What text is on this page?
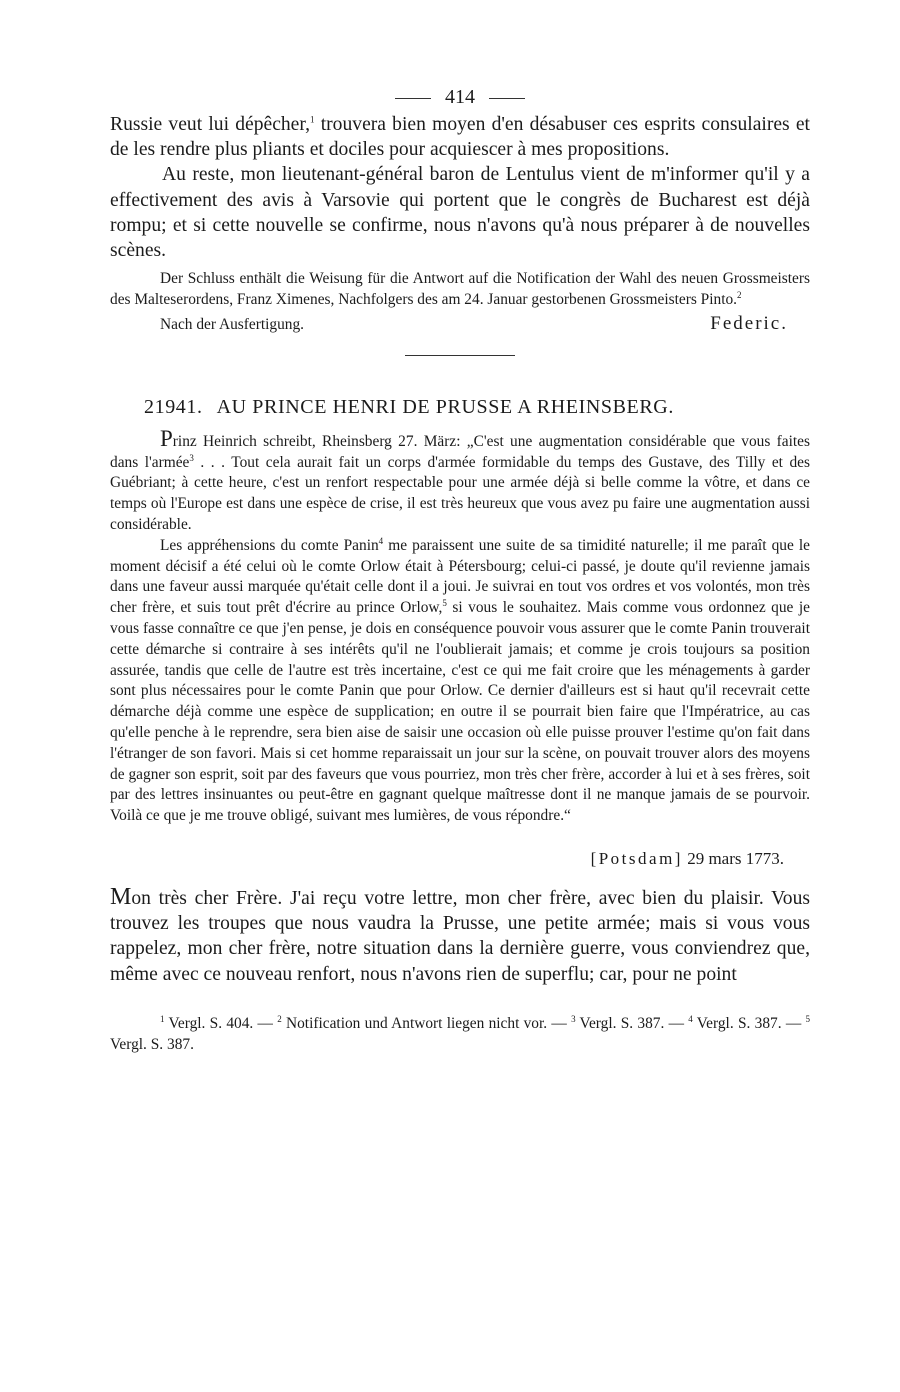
414

Russie veut lui dépêcher,$^1$ trouvera bien moyen d'en désabuser ces esprits consulaires et de les rendre plus pliants et dociles pour acquiescer à mes propositions.

Au reste, mon lieutenant-général baron de Lentulus vient de m'informer qu'il y a effectivement des avis à Varsovie qui portent que le congrès de Bucharest est déjà rompu; et si cette nouvelle se confirme, nous n'avons qu'à nous préparer à de nouvelles scènes.

Der Schluss enthält die Weisung für die Antwort auf die Notification der Wahl des neuen Grossmeisters des Malteserordens, Franz Ximenes, Nachfolgers des am 24. Januar gestorbenen Grossmeisters Pinto.$^2$

Nach der Ausfertigung.	Federic.
21941. AU PRINCE HENRI DE PRUSSE A RHEINSBERG.

Prinz Heinrich schreibt, Rheinsberg 27. März: „C'est une augmentation considérable que vous faites dans l'armée$^3$ . . . Tout cela aurait fait un corps d'armée formidable du temps des Gustave, des Tilly et des Guébriant; à cette heure, c'est un renfort respectable pour une armée déjà si belle comme la vôtre, et dans ce temps où l'Europe est dans une espèce de crise, il est très heureux que vous avez pu faire une augmentation aussi considérable.

Les appréhensions du comte Panin$^4$ me paraissent une suite de sa timidité naturelle; il me paraît que le moment décisif a été celui où le comte Orlow était à Pétersbourg; celui-ci passé, je doute qu'il revienne jamais dans une faveur aussi marquée qu'était celle dont il a joui. Je suivrai en tout vos ordres et vos volontés, mon très cher frère, et suis tout prêt d'écrire au prince Orlow,$^5$ si vous le souhaitez. Mais comme vous ordonnez que je vous fasse connaître ce que j'en pense, je dois en conséquence pouvoir vous assurer que le comte Panin trouverait cette démarche si contraire à ses intérêts qu'il ne l'oublierait jamais; et comme je crois toujours sa position assurée, tandis que celle de l'autre est très incertaine, c'est ce qui me fait croire que les ménagements à garder sont plus nécessaires pour le comte Panin que pour Orlow. Ce dernier d'ailleurs est si haut qu'il recevrait cette démarche déjà comme une espèce de supplication; en outre il se pourrait bien faire que l'Impératrice, au cas qu'elle penche à le reprendre, sera bien aise de saisir une occasion où elle puisse prouver l'estime qu'on fait dans l'étranger de son favori. Mais si cet homme reparaissait un jour sur la scène, on pouvait trouver alors des moyens de gagner son esprit, soit par des faveurs que vous pourriez, mon très cher frère, accorder à lui et à ses frères, soit par des lettres insinuantes ou peut-être en gagnant quelque maîtresse dont il ne manque jamais de se pourvoir. Voilà ce que je me trouve obligé, suivant mes lumières, de vous répondre.“

[Potsdam] 29 mars 1773.

Mon très cher Frère. J'ai reçu votre lettre, mon cher frère, avec bien du plaisir. Vous trouvez les troupes que nous vaudra la Prusse, une petite armée; mais si vous vous rappelez, mon cher frère, notre situation dans la dernière guerre, vous conviendrez que, même avec ce nouveau renfort, nous n'avons rien de superflu; car, pour ne point

$^1$ Vergl. S. 404. — $^2$ Notification und Antwort liegen nicht vor. — $^3$ Vergl. S. 387. — $^4$ Vergl. S. 387. — $^5$ Vergl. S. 387.
